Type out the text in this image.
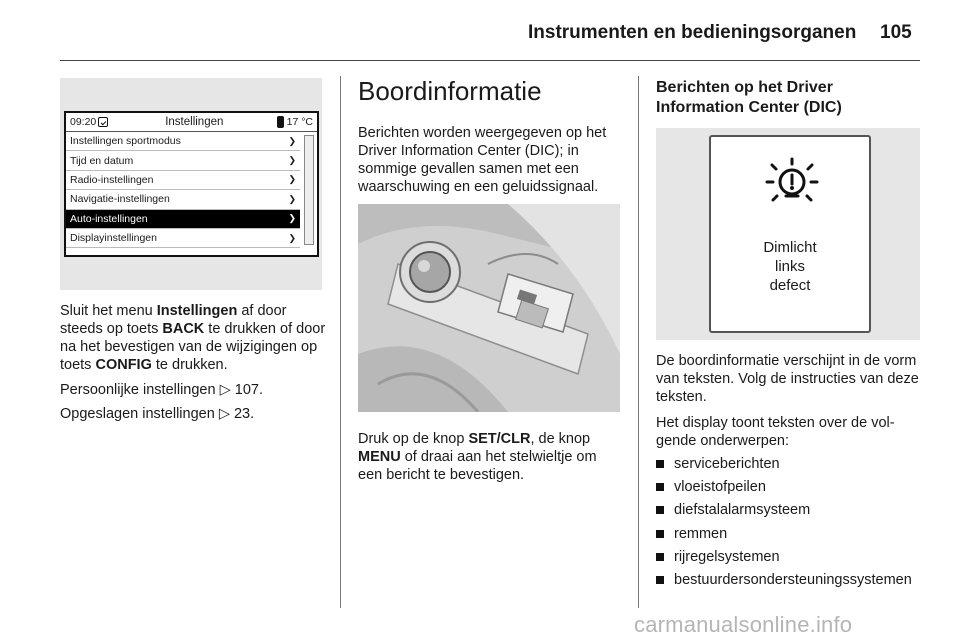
Instrumenten en bedieningsorganen 105
09:20	Instellingen	17 °C
Instellingen sportmodus	❯
Tijd en datum	❯
Radio-instellingen	❯
Navigatie-instellingen	❯
Auto-instellingen	❯
Displayinstellingen	❯
Sluit het menu Instellingen af door steeds op toets BACK te drukken of door na het bevestigen van de wijzigingen op toets CONFIG te drukken.
Persoonlijke instellingen ▷ 107.
Opgeslagen instellingen ▷ 23.
Boordinformatie
Berichten worden weergegeven op het Driver Information Center (DIC); in sommige gevallen samen met een waarschuwing en een geluidssignaal.
Druk op de knop SET/CLR, de knop MENU of draai aan het stelwieltje om een bericht te bevestigen.
Berichten op het Driver Information Center (DIC)
Dimlicht
links
defect
De boordinformatie verschijnt in de vorm van teksten. Volg de instructies van deze teksten.
Het display toont teksten over de volgende onderwerpen:
serviceberichten
vloeistofpeilen
diefstalalarmsysteem
remmen
rijregelsystemen
bestuurdersondersteuningssystemen
carmanualsonline.info
